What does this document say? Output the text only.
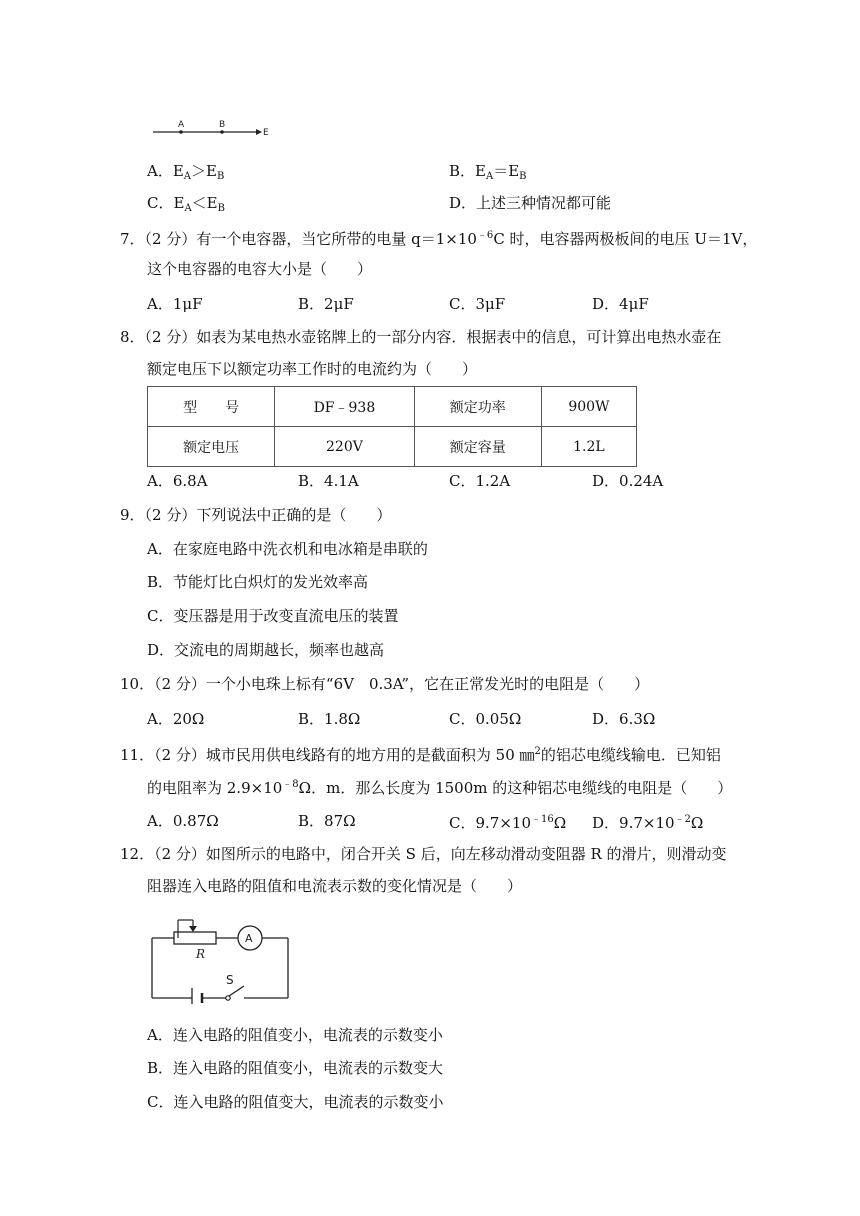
A	B
E
A．$E_A>E_B$	B．$E_A=E_B$
C．$E_A<E_B$	D．上述三种情况都可能
7．（2 分）有一个电容器，当它所带的电量 $q=1\times 10^{﹣6}C$ 时，电容器两极板间的电压 U＝1V，
这个电容器的电容大小是（　　）
A．1μF	B．2μF	C．3μF	D．4μF
8．（2 分）如表为某电热水壶铭牌上的一部分内容．根据表中的信息，可计算出电热水壶在
额定电压下以额定功率工作时的电流约为（　　）
型　　号	DF﹣938	额定功率	900W
额定电压	220V	额定容量	1.2L
A．6.8A	B．4.1A	C．1.2A	D．0.24A
9．（2 分）下列说法中正确的是（　　）
A．在家庭电路中洗衣机和电冰箱是串联的
B．节能灯比白炽灯的发光效率高
C．变压器是用于改变直流电压的装置
D．交流电的周期越长，频率也越高
10．（2 分）一个小电珠上标有“6V　0.3A”，它在正常发光时的电阻是（　　）
A．20Ω	B．1.8Ω	C．0.05Ω	D．6.3Ω
11．（2 分）城市民用供电线路有的地方用的是截面积为 50 ㎜$^2$的铝芯电缆线输电．已知铝
的电阻率为 $2.9\times 10^{﹣8}\Omega$．m．那么长度为 1500m 的这种铝芯电缆线的电阻是（　　）
A．0.87Ω	B．87Ω	C．$9.7\times 10^{﹣16}\Omega$ D．$9.7\times 10^{﹣2}\Omega$
12．（2 分）如图所示的电路中，闭合开关 S 后，向左移动滑动变阻器 R 的滑片，则滑动变
阻器连入电路的阻值和电流表示数的变化情况是（　　）
R
A
S
A．连入电路的阻值变小，电流表的示数变小
B．连入电路的阻值变小，电流表的示数变大
C．连入电路的阻值变大，电流表的示数变小
